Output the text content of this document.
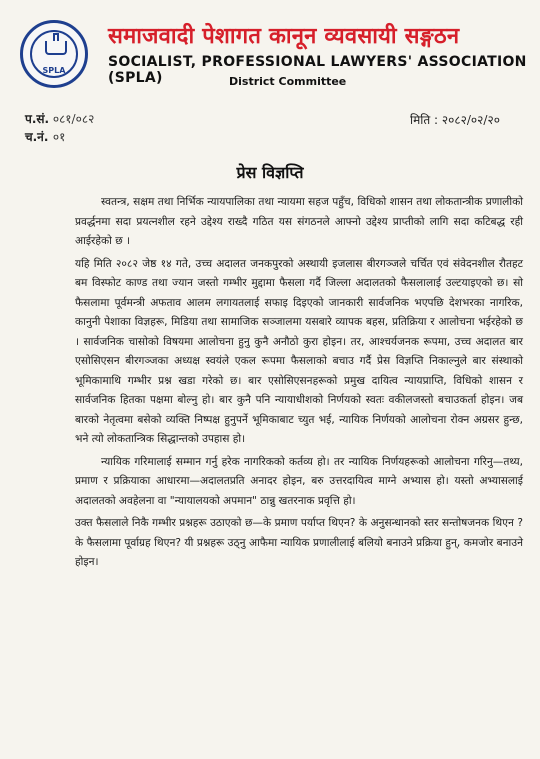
SPLA
समाजवादी पेशागत कानून व्यवसायी सङ्गठन
SOCIALIST, PROFESSIONAL LAWYERS' ASSOCIATION (SPLA)	District Committee
प.सं. ०८१/०८२
च.नं. ०१
मिति : २०८२/०२/२०
प्रेस विज्ञप्ति

स्वतन्त्र, सक्षम तथा निर्भिक न्यायपालिका तथा न्यायमा सहज पहुँच, विधिको शासन तथा लोकतान्त्रीक प्रणालीको प्रवर्द्धनमा सदा प्रयत्नशील रहने उद्देश्य राख्दै गठित यस संगठनले आफ्नो उद्देश्य प्राप्तीको लागि सदा कटिबद्ध रही आईरहेको छ ।

यहि मिति २०८२ जेष्ठ १४ गते, उच्च अदालत जनकपुरको अस्थायी इजलास बीरगञ्जले चर्चित एवं संवेदनशील रौतहट बम विस्फोट काण्ड तथा ज्यान जस्तो गम्भीर मुद्दामा फैसला गर्दै जिल्ला अदालतको फैसलालाई उल्टयाइएको छ। सो फैसलामा पूर्वमन्त्री अफताव आलम लगायतलाई सफाइ दिइएको जानकारी सार्वजनिक भएपछि देशभरका नागरिक, कानुनी पेशाका विज्ञहरू, मिडिया तथा सामाजिक सञ्जालमा यसबारे व्यापक बहस, प्रतिक्रिया र आलोचना भईरहेको छ । सार्वजनिक चासोको विषयमा आलोचना हुनु कुनै अनौठो कुरा होइन। तर, आश्चर्यजनक रूपमा, उच्च अदालत बार एसोसिएसन बीरगञ्जका अध्यक्ष स्वयंले एकल रूपमा फैसलाको बचाउ गर्दै प्रेस विज्ञप्ति निकाल्नुले बार संस्थाको भूमिकामाथि गम्भीर प्रश्न खडा गरेको छ। बार एसोसिएसनहरूको प्रमुख दायित्व न्यायप्राप्ति, विधिको शासन र सार्वजनिक हितका पक्षमा बोल्नु हो। बार कुनै पनि न्यायाधीशको निर्णयको स्वतः वकीलजस्तो बचाउकर्ता होइन। जब बारको नेतृत्वमा बसेको व्यक्ति निष्पक्ष हुनुपर्ने भूमिकाबाट च्युत भई, न्यायिक निर्णयको आलोचना रोक्न अग्रसर हुन्छ, भने त्यो लोकतान्त्रिक सिद्धान्तको उपहास हो।

न्यायिक गरिमालाई सम्मान गर्नु हरेक नागरिकको कर्तव्य हो। तर न्यायिक निर्णयहरूको आलोचना गरिनु—तथ्य, प्रमाण र प्रक्रियाका आधारमा—अदालतप्रति अनादर होइन, बरु उत्तरदायित्व माग्ने अभ्यास हो। यस्तो अभ्यासलाई अदालतको अवहेलना वा "न्यायालयको अपमान" ठान्नु खतरनाक प्रवृत्ति हो।

उक्त फैसलाले निकै गम्भीर प्रश्नहरू उठाएको छ—के प्रमाण पर्याप्त थिएन? के अनुसन्धानको स्तर सन्तोषजनक थिएन ? के फैसलामा पूर्वाग्रह थिएन? यी प्रश्नहरू उठ्नु आफैमा न्यायिक प्रणालीलाई बलियो बनाउने प्रक्रिया हुन्, कमजोर बनाउने होइन।
